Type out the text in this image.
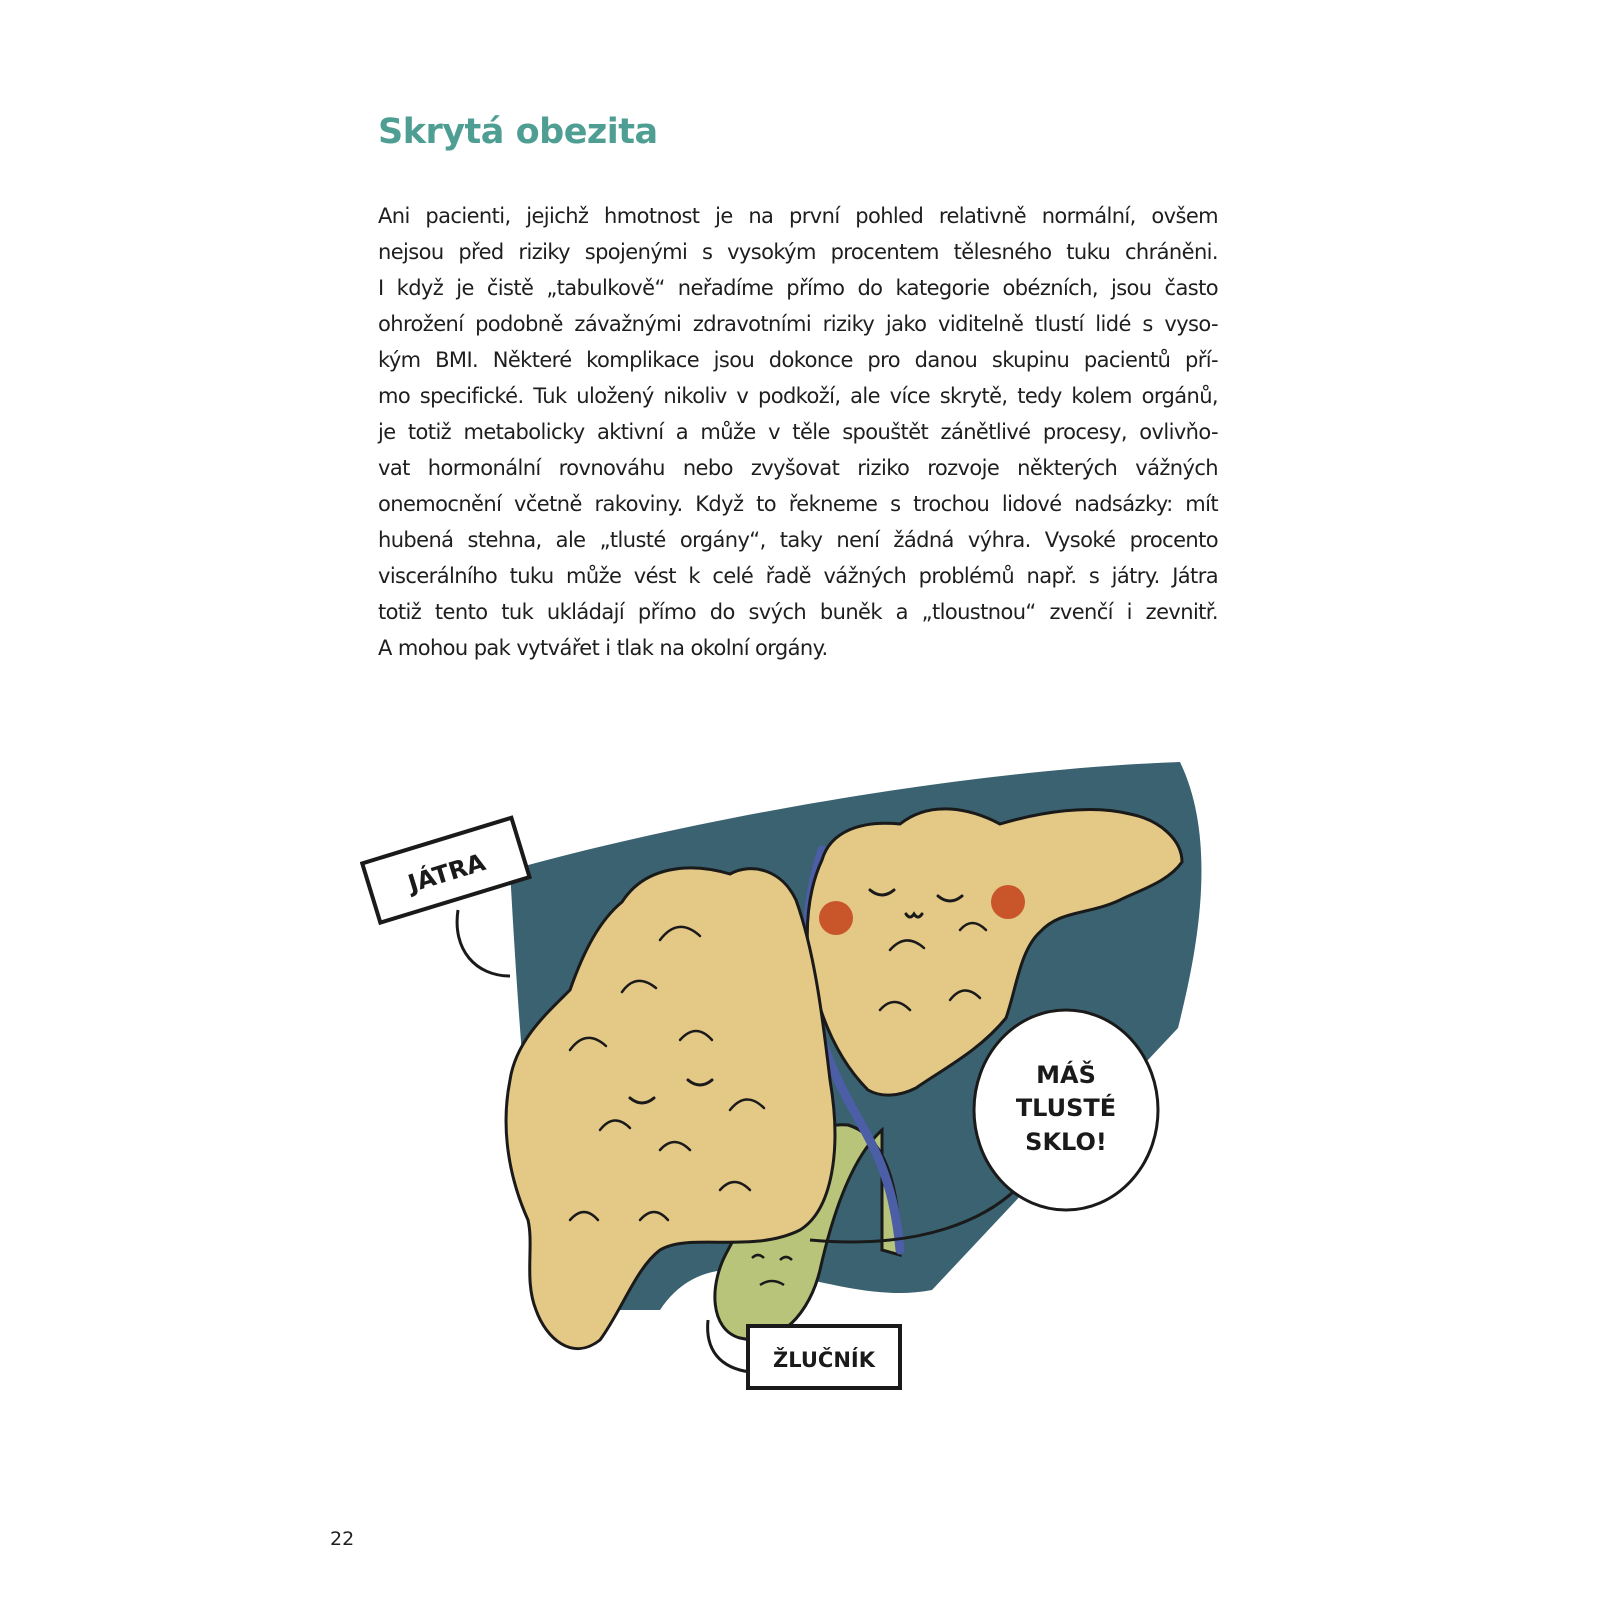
Skrytá obezita
Ani pacienti, jejichž hmotnost je na první pohled relativně normální, ovšem
nejsou před riziky spojenými s vysokým procentem tělesného tuku chráněni.
I když je čistě „tabulkově“ neřadíme přímo do kategorie obézních, jsou často
ohrožení podobně závažnými zdravotními riziky jako viditelně tlustí lidé s vyso-
kým BMI. Některé komplikace jsou dokonce pro danou skupinu pacientů pří-
mo specifické. Tuk uložený nikoliv v podkoží, ale více skrytě, tedy kolem orgánů,
je totiž metabolicky aktivní a může v těle spouštět zánětlivé procesy, ovlivňo-
vat hormonální rovnováhu nebo zvyšovat riziko rozvoje některých vážných
onemocnění včetně rakoviny. Když to řekneme s trochou lidové nadsázky: mít
hubená stehna, ale „tlusté orgány“, taky není žádná výhra. Vysoké procento
viscerálního tuku může vést k celé řadě vážných problémů např. s játry. Játra
totiž tento tuk ukládají přímo do svých buněk a „tloustnou“ zvenčí i zevnitř.
A mohou pak vytvářet i tlak na okolní orgány.
JÁTRA
MÁŠ
TLUSTÉ
SKLO!
ŽLUČNÍK
22
